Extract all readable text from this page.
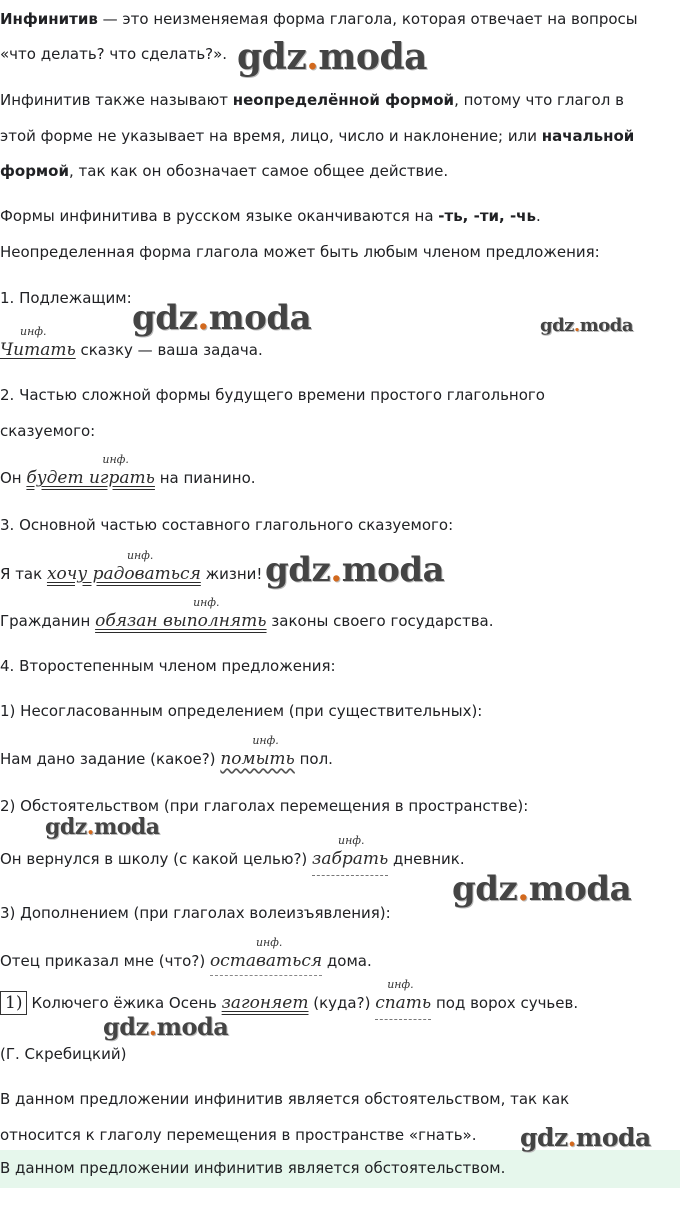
Инфинитив — это неизменяемая форма глагола, которая отвечает на вопросы
«что делать? что сделать?».
Инфинитив также называют неопределённой формой, потому что глагол в
этой форме не указывает на время, лицо, число и наклонение; или начальной
формой, так как он обозначает самое общее действие.
Формы инфинитива в русском языке оканчиваются на -ть, -ти, -чь.
Неопределенная форма глагола может быть любым членом предложения:
1. Подлежащим:
инф.
Читать сказку — ваша задача.
2. Частью сложной формы будущего времени простого глагольного
сказуемого:
Он
инф.
будет играть на пианино.
3. Основной частью составного глагольного сказуемого:
Я так
инф.
хочу радоваться жизни!
Гражданин
инф.
обязан выполнять законы своего государства.
4. Второстепенным членом предложения:
1) Несогласованным определением (при существительных):
Нам дано задание (какое?)
инф.
помыть пол.
2) Обстоятельством (при глаголах перемещения в пространстве):
Он вернулся в школу (с какой целью?)
инф.
забрать дневник.
3) Дополнением (при глаголах волеизъявления):
Отец приказал мне (что?)
инф.
оставаться дома.
1) Колючего ёжика Осень загоняет (куда?)
инф.
спать под ворох сучьев.
(Г. Скребицкий)
В данном предложении инфинитив является обстоятельством, так как
относится к глаголу перемещения в пространстве «гнать».
В данном предложении инфинитив является обстоятельством.
gdz.moda
gdz.moda	gdz.moda
gdz.moda
gdz.moda
gdz.moda
gdz.moda
gdz.moda
